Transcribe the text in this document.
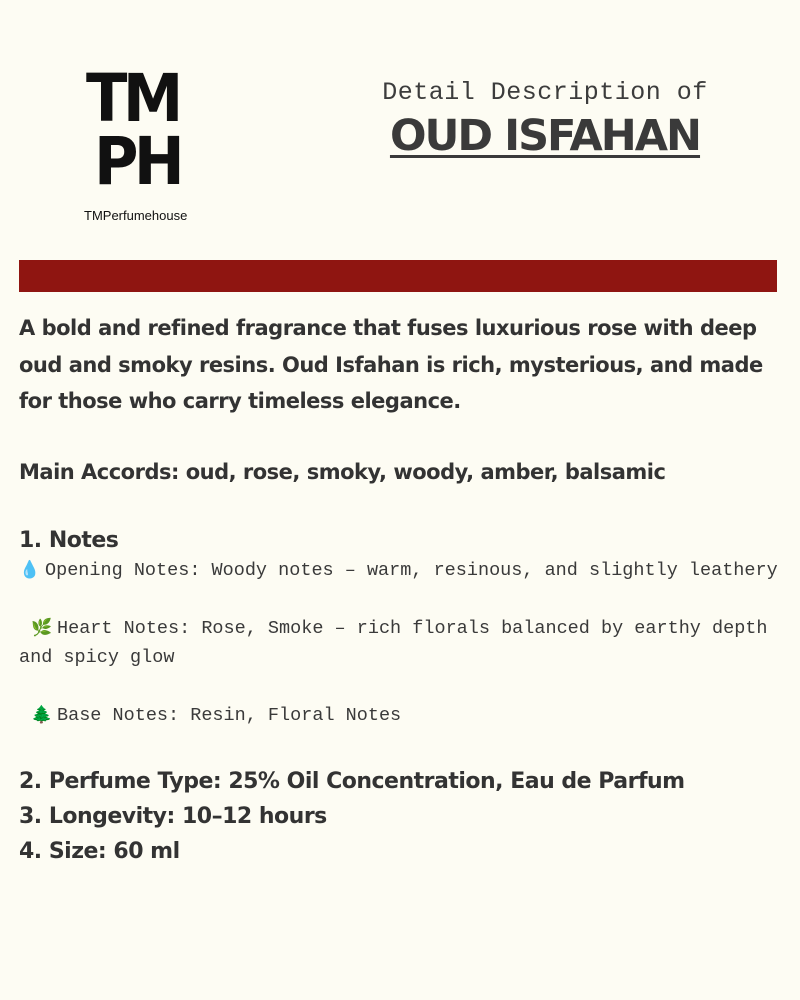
TM
PH
TMPerfumehouse
Detail Description of
OUD ISFAHAN

A bold and refined fragrance that fuses luxurious rose with deep oud and smoky resins. Oud Isfahan is rich, mysterious, and made for those who carry timeless elegance.

Main Accords: oud, rose, smoky, woody, amber, balsamic
1. Notes

💧 Opening Notes: Woody notes – warm, resinous, and slightly leathery

🌿 Heart Notes: Rose, Smoke – rich florals balanced by earthy depth and spicy glow

🌲 Base Notes: Resin, Floral Notes

2. Perfume Type: 25% Oil Concentration, Eau de Parfum
3. Longevity: 10–12 hours
4. Size: 60 ml
